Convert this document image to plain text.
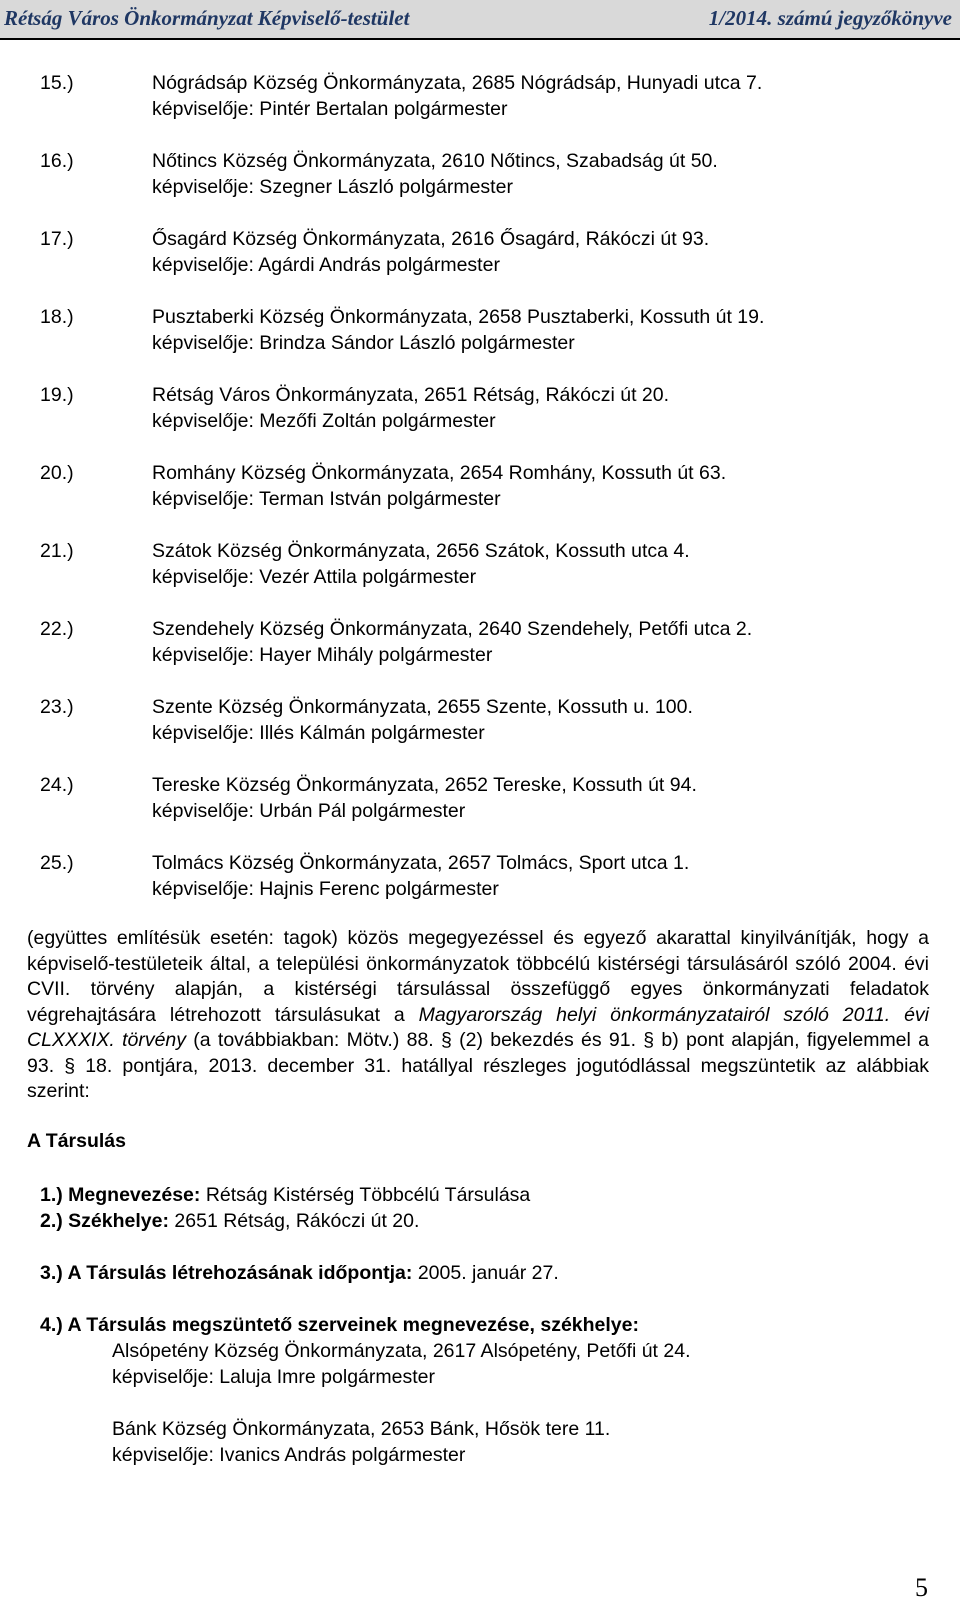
Rétság Város Önkormányzat Képviselő-testület	1/2014. számú jegyzőkönyve
15.)	Nógrádsáp Község Önkormányzata, 2685 Nógrádsáp, Hunyadi utca 7.
képviselője: Pintér Bertalan polgármester
16.)	Nőtincs Község Önkormányzata, 2610 Nőtincs, Szabadság út 50.
képviselője: Szegner László polgármester
17.)	Ősagárd Község Önkormányzata, 2616 Ősagárd, Rákóczi út 93.
képviselője: Agárdi András polgármester
18.)	Pusztaberki Község Önkormányzata, 2658 Pusztaberki, Kossuth út 19.
képviselője: Brindza Sándor László polgármester
19.)	Rétság Város Önkormányzata, 2651 Rétság, Rákóczi út 20.
képviselője: Mezőfi Zoltán polgármester
20.)	Romhány Község Önkormányzata, 2654 Romhány, Kossuth út 63.
képviselője: Terman István polgármester
21.)	Szátok Község Önkormányzata, 2656 Szátok, Kossuth utca 4.
képviselője: Vezér Attila polgármester
22.)	Szendehely Község Önkormányzata, 2640 Szendehely, Petőfi utca 2.
képviselője: Hayer Mihály polgármester
23.)	Szente Község Önkormányzata, 2655 Szente, Kossuth u. 100.
képviselője: Illés Kálmán polgármester
24.)	Tereske Község Önkormányzata, 2652 Tereske, Kossuth út 94.
képviselője: Urbán Pál polgármester
25.)	Tolmács Község Önkormányzata, 2657 Tolmács, Sport utca 1.
képviselője: Hajnis Ferenc polgármester
(együttes említésük esetén: tagok) közös megegyezéssel és egyező akarattal kinyilvánítják, hogy a képviselő-testületeik által, a települési önkormányzatok többcélú kistérségi társulásáról szóló 2004. évi CVII. törvény alapján, a kistérségi társulással összefüggő egyes önkormányzati feladatok végrehajtására létrehozott társulásukat a Magyarország helyi önkormányzatairól szóló 2011. évi CLXXXIX. törvény (a továbbiakban: Mötv.) 88. § (2) bekezdés és 91. § b) pont alapján, figyelemmel a 93. § 18. pontjára, 2013. december 31. hatállyal részleges jogutódlással megszüntetik az alábbiak szerint:
A Társulás
1.) Megnevezése: Rétság Kistérség Többcélú Társulása
2.) Székhelye: 2651 Rétság, Rákóczi út 20.
3.) A Társulás létrehozásának időpontja: 2005. január 27.
4.) A Társulás megszüntető szerveinek megnevezése, székhelye:
Alsópetény Község Önkormányzata, 2617 Alsópetény, Petőfi út 24.
képviselője: Laluja Imre polgármester
Bánk Község Önkormányzata, 2653 Bánk, Hősök tere 11.
képviselője: Ivanics András polgármester
5
